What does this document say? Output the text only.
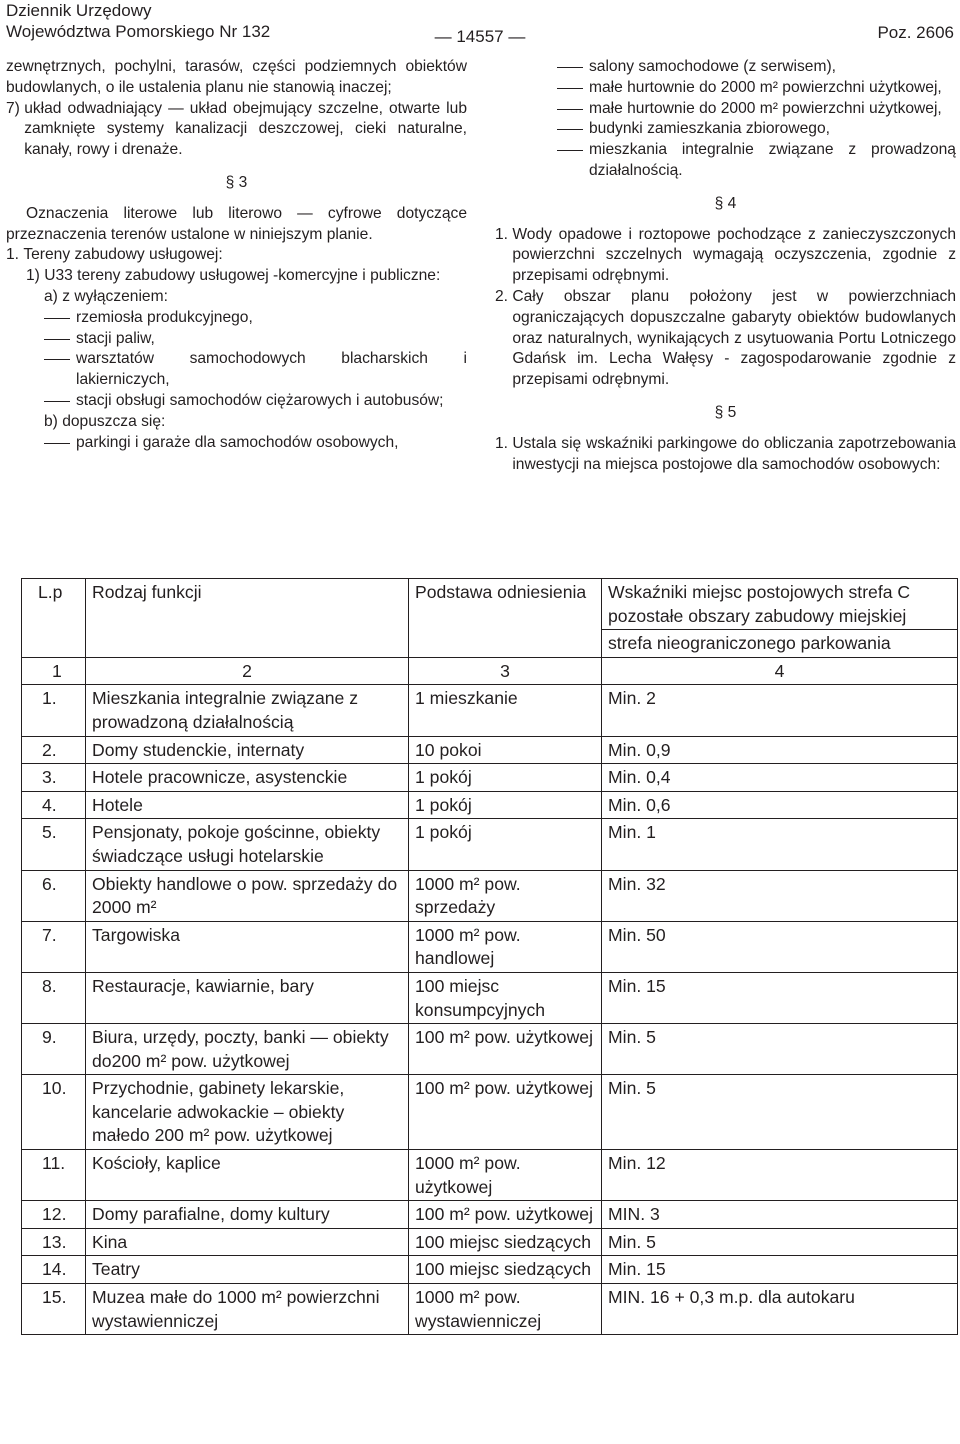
Dziennik Urzędowy
Województwa Pomorskiego Nr 132	— 14557 —	Poz. 2606

zewnętrznych, pochylni, tarasów, części podziemnych obiektów budowlanych, o ile ustalenia planu nie stanowią inaczej;

7) układ odwadniający — układ obejmujący szczelne, otwarte lub zamknięte systemy kanalizacji deszczowej, cieki naturalne, kanały, rowy i drenaże.
§ 3

Oznaczenia literowe lub literowo — cyfrowe dotyczące przeznaczenia terenów ustalone w niniejszym planie.

1. Tereny zabudowy usługowej:
1) U33 tereny zabudowy usługowej -komercyjne i publiczne:
a) z wyłączeniem:
rzemiosła produkcyjnego,
stacji paliw,
warsztatów samochodowych blacharskich i lakierniczych,
stacji obsługi samochodów ciężarowych i autobusów;
b) dopuszcza się:
parkingi i garaże dla samochodów osobowych,
salony samochodowe (z serwisem),
małe hurtownie do 2000 m² powierzchni użytkowej,
małe hurtownie do 2000 m² powierzchni użytkowej,
budynki zamieszkania zbiorowego,
mieszkania integralnie związane z prowadzoną działalnością.
§ 4
1. Wody opadowe i roztopowe pochodzące z zanieczyszczonych powierzchni szczelnych wymagają oczyszczenia, zgodnie z przepisami odrębnymi.
2. Cały obszar planu położony jest w powierzchniach ograniczających dopuszczalne gabaryty obiektów budowlanych oraz naturalnych, wynikających z usytuowania Portu Lotniczego Gdańsk im. Lecha Wałęsy - zagospodarowanie zgodnie z przepisami odrębnymi.
§ 5
1. Ustala się wskaźniki parkingowe do obliczania zapotrzebowania inwestycji na miejsca postojowe dla samochodów osobowych:
L.p	Rodzaj funkcji	Podstawa odniesienia	Wskaźniki miejsc postojowych strefa C pozostałe obszary zabudowy miejskiej
			strefa nieograniczonego parkowania
1	2	3	4
1.	Mieszkania integralnie związane z prowadzoną działalnością	1 mieszkanie	Min. 2
2.	Domy studenckie, internaty	10 pokoi	Min. 0,9
3.	Hotele pracownicze, asystenckie	1 pokój	Min. 0,4
4.	Hotele	1 pokój	Min. 0,6
5.	Pensjonaty, pokoje gościnne, obiekty świadczące usługi hotelarskie	1 pokój	Min. 1
6.	Obiekty handlowe o pow. sprzedaży do 2000 m²	1000 m² pow. sprzedaży	Min. 32
7.	Targowiska	1000 m² pow. handlowej	Min. 50
8.	Restauracje, kawiarnie, bary	100 miejsc konsumpcyjnych	Min. 15
9.	Biura, urzędy, poczty, banki — obiekty do200 m² pow. użytkowej	100 m² pow. użytkowej	Min. 5
10.	Przychodnie, gabinety lekarskie, kancelarie adwokackie – obiekty małedo 200 m² pow. użytkowej	100 m² pow. użytkowej	Min. 5
11.	Kościoły, kaplice	1000 m² pow. użytkowej	Min. 12
12.	Domy parafialne, domy kultury	100 m² pow. użytkowej	MIN. 3
13.	Kina	100 miejsc siedzących	Min. 5
14.	Teatry	100 miejsc siedzących	Min. 15
15.	Muzea małe do 1000 m² powierzchni wystawienniczej	1000 m² pow. wystawienniczej	MIN. 16 + 0,3 m.p. dla autokaru
